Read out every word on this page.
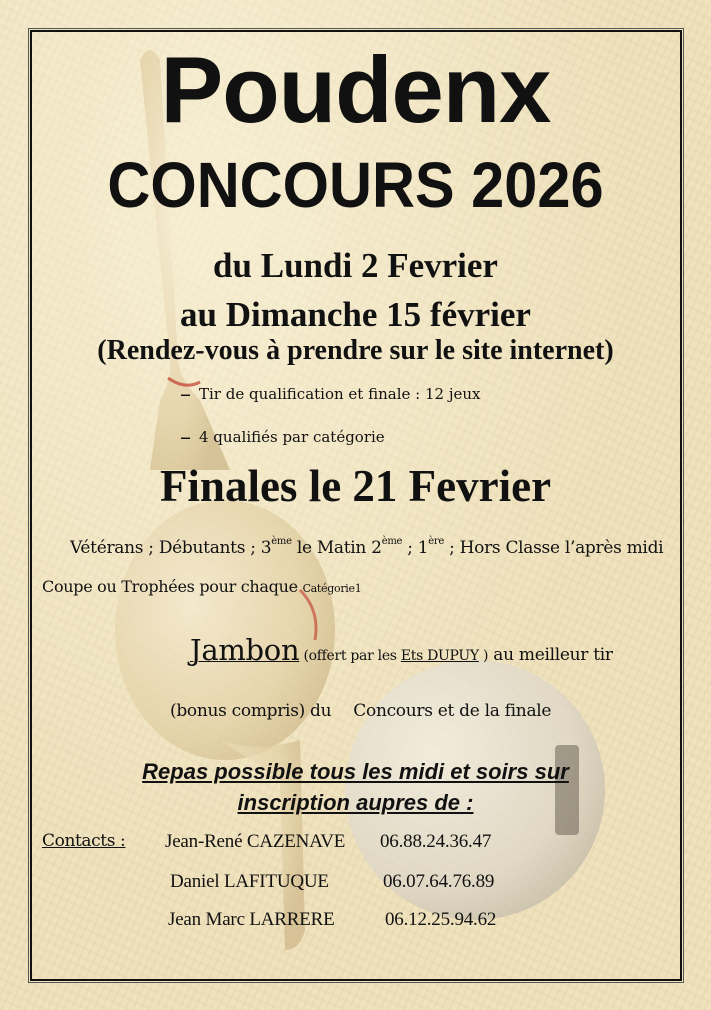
Poudenx
CONCOURS 2026
du Lundi 2 Fevrier
au Dimanche 15 février
(Rendez-vous à prendre sur le site internet)
– Tir de qualification et finale : 12 jeux
– 4 qualifiés par catégorie
Finales le 21 Fevrier
Vétérans ; Débutants ; 3ème le Matin 2ème ; 1ère ; Hors Classe l’après midi
Coupe ou Trophées pour chaque Catégorie1
Jambon (offert par les Ets DUPUY ) au meilleur tir
(bonus compris) du Concours et de la finale
Repas possible tous les midi et soirs sur
inscription aupres de :
Contacts : Jean-René CAZENAVE 06.88.24.36.47
Daniel LAFITUQUE	06.07.64.76.89
Jean Marc LARRERE	06.12.25.94.62
